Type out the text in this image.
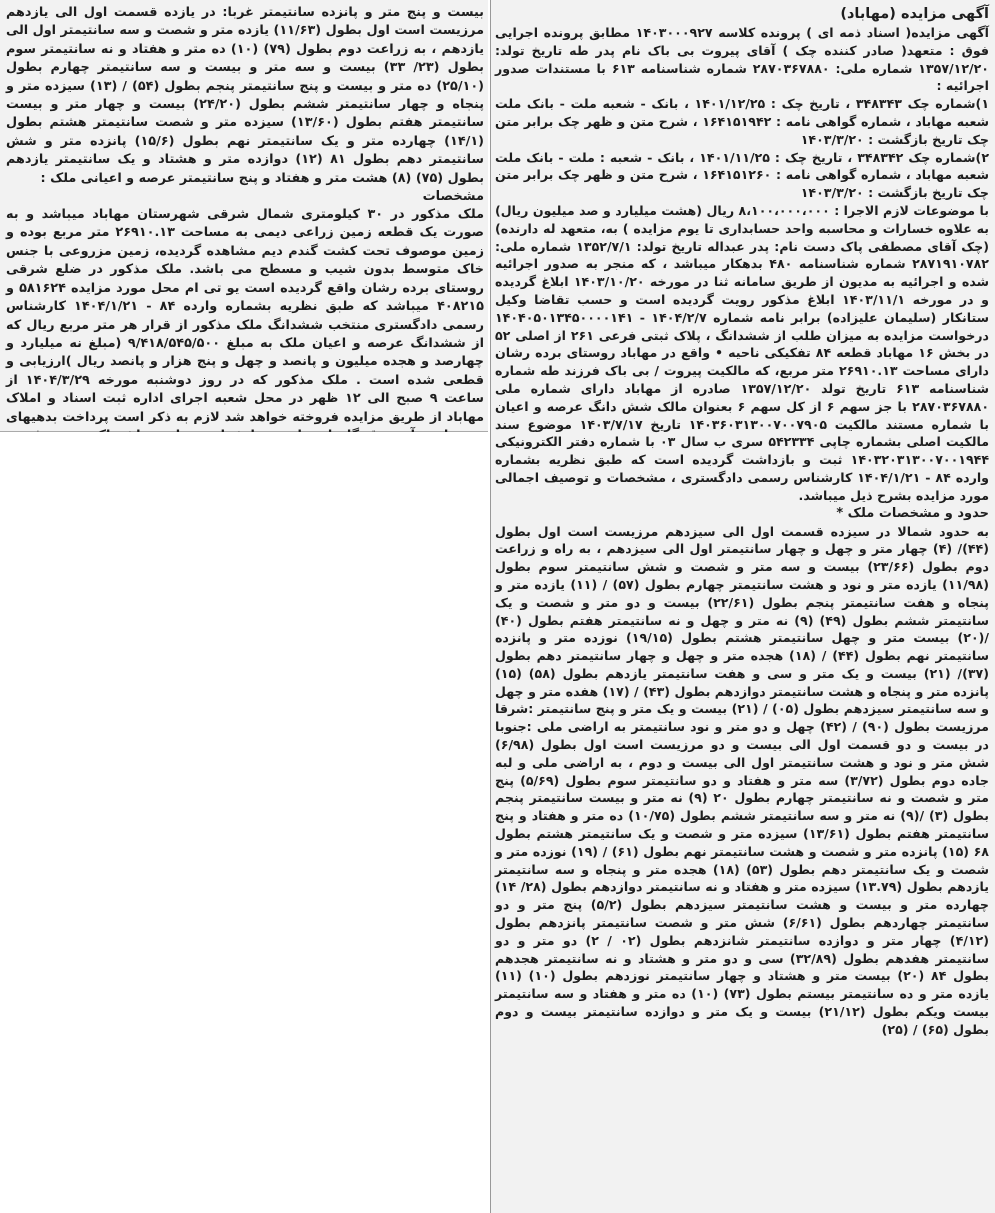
آگهی مزایده (مهاباد)

آگهی مزایده( اسناد ذمه ای ) پرونده کلاسه ۱۴۰۳۰۰۰۹۲۷ مطابق پرونده اجرایی فوق : متعهد( صادر کننده چک ) آقای پیروت بی باک نام پدر طه تاریخ تولد: ۱۳۵۷/۱۲/۲۰ شماره ملی: ۲۸۷۰۳۶۷۸۸۰ شماره شناسنامه ۶۱۳ با مستندات صدور اجرائیه :

۱)شماره چک ۳۴۸۳۴۳ ، تاریخ چک : ۱۴۰۱/۱۲/۲۵ ، بانک - شعبه ملت - بانک ملت شعبه مهاباد ، شماره گواهی نامه : ۱۶۴۱۵۱۹۴۲ ، شرح متن و ظهر چک برابر متن چک تاریخ بازگشت : ۱۴۰۳/۳/۲۰

۲)شماره چک ۳۴۸۳۴۲ ، تاریخ چک : ۱۴۰۱/۱۱/۲۵ ، بانک - شعبه : ملت - بانک ملت شعبه مهاباد ، شماره گواهی نامه : ۱۶۴۱۵۱۲۶۰ ، شرح متن و ظهر چک برابر متن چک تاریخ بازگشت : ۱۴۰۳/۳/۲۰

با موضوعات لازم الاجرا : ۸،۱۰۰،۰۰۰،۰۰۰ ریال (هشت میلیارد و صد میلیون ریال) به علاوه خسارات و محاسبه واحد حسابداری تا یوم مزایده ) به، متعهد له دارنده) (چک آقای مصطفی پاک دست نام: پدر عبداله تاریخ تولد: ۱۳۵۲/۷/۱ شماره ملی: ۲۸۷۱۹۱۰۷۸۲ شماره شناسنامه ۴۸۰ بدهکار میباشد ، که منجر به صدور اجرائیه شده و اجرائیه به مدیون از طریق سامانه ثنا در مورخه ۱۴۰۳/۱۰/۲۰ ابلاغ گردیده و در مورخه ۱۴۰۳/۱۱/۱ ابلاغ مذکور رویت گردیده است و حسب تقاضا وکیل ستانکار (سلیمان علیزاده) برابر نامه شماره ۱۴۰۴/۲/۷ - ۱۴۰۴۰۵۰۱۳۴۵۰۰۰۰۱۴۱ درخواست مزایده به میزان طلب از ششدانگ ، پلاک ثبتی فرعی ۲۶۱ از اصلی ۵۲ در بخش ۱۶ مهاباد قطعه ۸۴ تفکیکی ناحیه • واقع در مهاباد روستای برده رشان دارای مساحت ۲۶۹۱۰.۱۳ متر مربع، که مالکیت پیروت / بی باک فرزند طه شماره شناسنامه ۶۱۳ تاریخ تولد ۱۳۵۷/۱۲/۲۰ صادره از مهاباد دارای شماره ملی ۲۸۷۰۳۶۷۸۸۰ با جز سهم ۶ از کل سهم ۶ بعنوان مالک شش دانگ عرصه و اعیان با شماره مستند مالکیت ۱۴۰۳۶۰۳۱۳۰۰۷۰۰۷۹۰۵ تاریخ ۱۴۰۳/۷/۱۷ موضوع سند مالکیت اصلی بشماره چاپی ۵۴۲۳۳۴ سری ب سال ۰۳ با شماره دفتر الکترونیکی ۱۴۰۳۲۰۳۱۳۰۰۷۰۰۱۹۴۴ ثبت و بازداشت گردیده است که طبق نظریه بشماره وارده ۸۴ - ۱۴۰۴/۱/۲۱ کارشناس رسمی دادگستری ، مشخصات و توصیف اجمالی مورد مزایده بشرح ذیل میباشد.

حدود و مشخصات ملک *

به حدود شمالا در سیزده قسمت اول الی سیزدهم مرزیست است اول بطول (۴۴)/ (۴) چهار متر و چهل و چهار سانتیمتر اول الی سیزدهم ، به راه و زراعت دوم بطول (۲۳/۶۶) بیست و سه متر و شصت و شش سانتیمتر سوم بطول (۱۱/۹۸) یازده متر و نود و هشت سانتیمتر چهارم بطول (۵۷) / (۱۱) یازده متر و پنجاه و هفت سانتیمتر پنجم بطول (۲۲/۶۱) بیست و دو متر و شصت و یک سانتیمتر ششم بطول (۴۹) (۹) نه متر و چهل و نه سانتیمتر هفتم بطول (۴۰) /(۲۰) بیست متر و چهل سانتیمتر هشتم بطول (۱۹/۱۵) نوزده متر و پانزده سانتیمتر نهم بطول (۴۴) / (۱۸) هجده متر و چهل و چهار سانتیمتر دهم بطول (۳۷)/ (۲۱) بیست و یک متر و سی و هفت سانتیمتر یازدهم بطول (۵۸) (۱۵) پانزده متر و پنجاه و هشت سانتیمتر دوازدهم بطول (۴۳) / (۱۷) هفده متر و چهل و سه سانتیمتر سیزدهم بطول (۰۵) / (۲۱) بیست و یک متر و پنج سانتیمتر :شرقا مرزیست بطول (۹۰) / (۴۲) چهل و دو متر و نود سانتیمتر به اراضی ملی :جنوبا در بیست و دو قسمت اول الی بیست و دو مرزیست است اول بطول (۶/۹۸) شش متر و نود و هشت سانتیمتر اول الی بیست و دوم ، به اراضی ملی و لبه جاده دوم بطول (۳/۷۲) سه متر و هفتاد و دو سانتیمتر سوم بطول (۵/۶۹) پنج متر و شصت و نه سانتیمتر چهارم بطول ۲۰ (۹) نه متر و بیست سانتیمتر پنجم بطول (۳) /(۹) نه متر و سه سانتیمتر ششم بطول (۱۰/۷۵) ده متر و هفتاد و پنج سانتیمتر هفتم بطول (۱۳/۶۱) سیزده متر و شصت و یک سانتیمتر هشتم بطول ۶۸ (۱۵) پانزده متر و شصت و هشت سانتیمتر نهم بطول (۶۱) / (۱۹) نوزده متر و شصت و یک سانتیمتر دهم بطول (۵۳) (۱۸) هجده متر و پنجاه و سه سانتیمتر یازدهم بطول (۱۳.۷۹) سیزده متر و هفتاد و نه سانتیمتر دوازدهم بطول (۲۸/ ۱۴) چهارده متر و بیست و هشت سانتیمتر سیزدهم بطول (۵/۲) پنج متر و دو سانتیمتر چهاردهم بطول (۶/۶۱) شش متر و شصت سانتیمتر پانزدهم بطول (۴/۱۲) چهار متر و دوازده سانتیمتر شانزدهم بطول (۰۲ / ۲) دو متر و دو سانتیمتر هفدهم بطول (۳۲/۸۹) سی و دو متر و هشتاد و نه سانتیمتر هجدهم بطول ۸۴ (۲۰) بیست متر و هشتاد و چهار سانتیمتر نوزدهم بطول (۱۰) (۱۱) یازده متر و ده سانتیمتر بیستم بطول (۷۳) (۱۰) ده متر و هفتاد و سه سانتیمتر بیست ویکم بطول (۲۱/۱۲) بیست و یک متر و دوازده سانتیمتر بیست و دوم بطول (۶۵) / (۲۵)

بیست و پنج متر و پانزده سانتیمتر غربا: در یازده قسمت اول الی یازدهم مرزیست است اول بطول (۱۱/۶۳) یازده متر و شصت و سه سانتیمتر اول الی یازدهم ، به زراعت دوم بطول (۷۹) (۱۰) ده متر و هفتاد و نه سانتیمتر سوم بطول (۲۳/ ۳۳) بیست و سه متر و بیست و سه سانتیمتر چهارم بطول (۲۵/۱۰) ده متر و بیست و پنج سانتیمتر پنجم بطول (۵۴) / (۱۳) سیزده متر و پنجاه و چهار سانتیمتر ششم بطول (۲۴/۲۰) بیست و چهار متر و بیست سانتیمتر هفتم بطول (۱۳/۶۰) سیزده متر و شصت سانتیمتر هشتم بطول (۱۴/۱) چهارده متر و یک سانتیمتر نهم بطول (۱۵/۶) پانزده متر و شش سانتیمتر دهم بطول ۸۱ (۱۲) دوازده متر و هشتاد و یک سانتیمتر یازدهم بطول (۷۵) (۸) هشت متر و هفتاد و پنج سانتیمتر عرصه و اعیانی ملک :

مشخصات

ملک مذکور در ۳۰ کیلومتری شمال شرقی شهرستان مهاباد میباشد و به صورت یک قطعه زمین زراعی دیمی به مساحت ۲۶۹۱۰.۱۳ متر مربع بوده و زمین موصوف تحت کشت گندم دیم مشاهده گردیده، زمین مزروعی با جنس خاک متوسط بدون شیب و مسطح می باشد. ملک مذکور در ضلع شرقی روستای برده رشان واقع گردیده است یو تی ام محل مورد مزایده ۵۸۱۶۲۴ و ۴۰۸۲۱۵ میباشد که طبق نظریه بشماره وارده ۸۴ - ۱۴۰۴/۱/۲۱ کارشناس رسمی دادگستری منتخب ششدانگ ملک مذکور از قرار هر متر مربع ریال که از ششدانگ عرصه و اعیان ملک به مبلغ ۹/۴۱۸/۵۴۵/۵۰۰ (مبلغ نه میلیارد و چهارصد و هجده میلیون و پانصد و چهل و پنج هزار و پانصد ریال )ارزیابی و قطعی شده است . ملک مذکور که در روز دوشنبه مورخه ۱۴۰۴/۳/۲۹ از ساعت ۹ صبح الی ۱۲ ظهر در محل شعبه اجرای اداره ثبت اسناد و املاک مهاباد از طریق مزایده فروخته خواهد شد لازم به ذکر است پرداخت بدهیهای
